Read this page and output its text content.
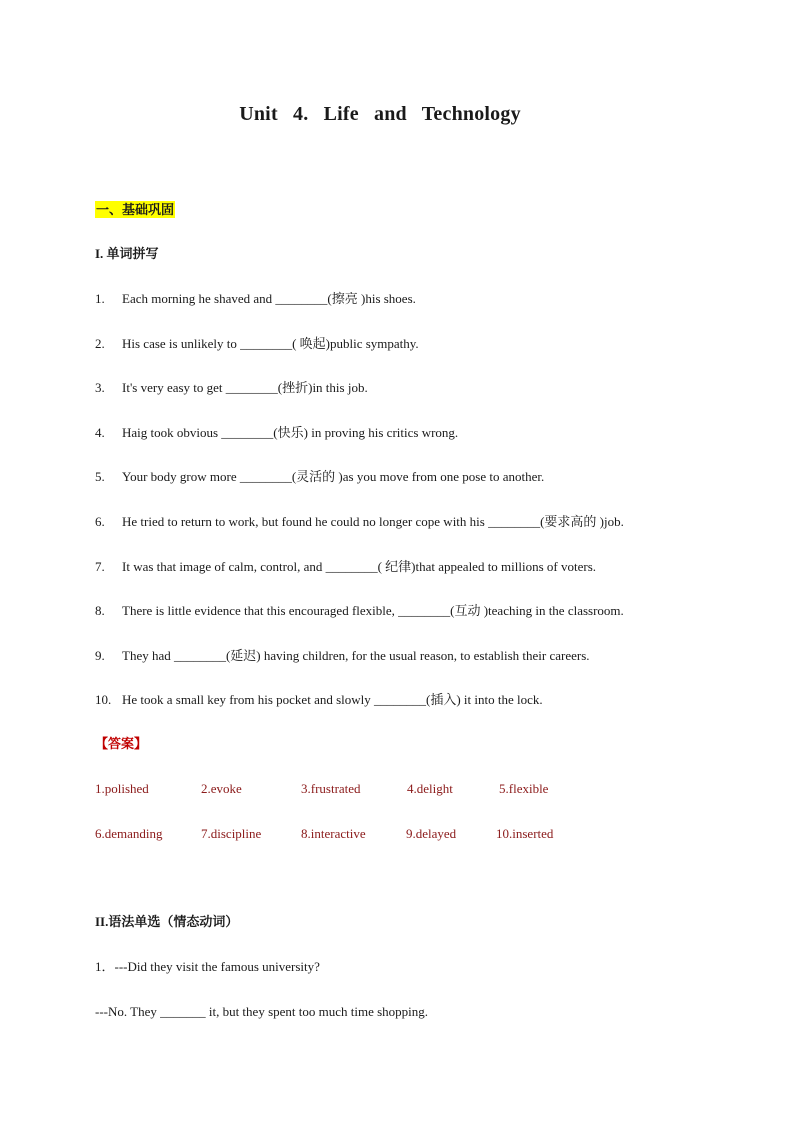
Unit 4. Life and Technology
一、基础巩固
I. 单词拼写
1.	Each morning he shaved and ________(擦亮 )his shoes.
2.	His case is unlikely to ________( 唤起)public sympathy.
3.	It's very easy to get ________(挫折)in this job.
4.	Haig took obvious ________(快乐) in proving his critics wrong.
5.	Your body grow more ________(灵活的 )as you move from one pose to another.
6.	He tried to return to work, but found he could no longer cope with his ________(要求高的 )job.
7.	It was that image of calm, control, and ________( 纪律)that appealed to millions of voters.
8.	There is little evidence that this encouraged flexible, ________(互动 )teaching in the classroom.
9.	They had ________(延迟) having children, for the usual reason, to establish their careers.
10. He took a small key from his pocket and slowly ________(插入) it into the lock.
【答案】
1.polished	2.evoke	3.frustrated	4.delight	5.flexible
6.demanding	7.discipline	8.interactive	9.delayed	10.inserted
II.语法单选（情态动词）
1．---Did they visit the famous university?
---No. They _______ it, but they spent too much time shopping.
